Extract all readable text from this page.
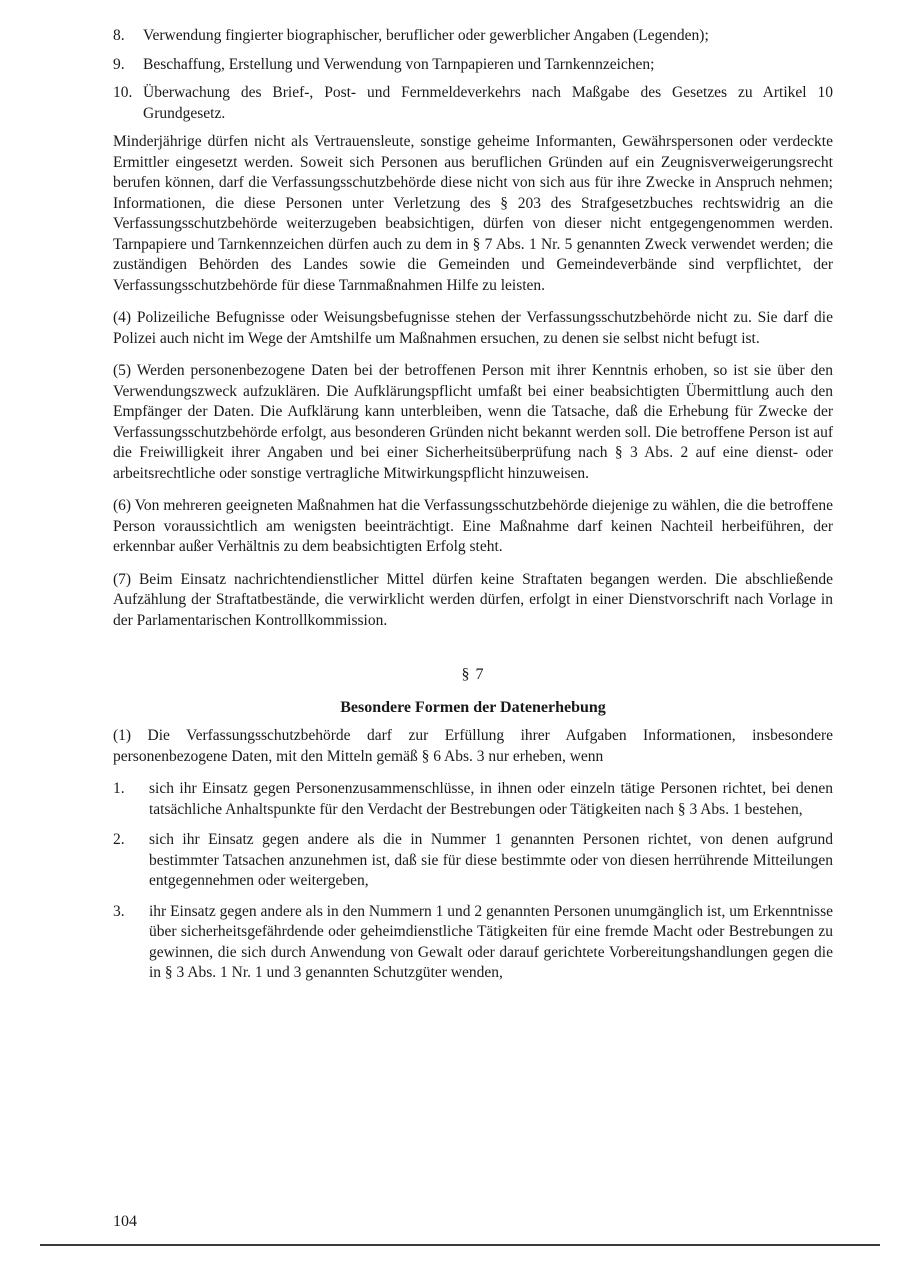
8.	Verwendung fingierter biographischer, beruflicher oder gewerblicher Angaben (Legenden);
9.	Beschaffung, Erstellung und Verwendung von Tarnpapieren und Tarnkennzeichen;
10. Überwachung des Brief-, Post- und Fernmeldeverkehrs nach Maßgabe des Gesetzes zu Artikel 10 Grundgesetz.

Minderjährige dürfen nicht als Vertrauensleute, sonstige geheime Informanten, Gewährspersonen oder verdeckte Ermittler eingesetzt werden. Soweit sich Personen aus beruflichen Gründen auf ein Zeugnisverweigerungsrecht berufen können, darf die Verfassungsschutzbehörde diese nicht von sich aus für ihre Zwecke in Anspruch nehmen; Informationen, die diese Personen unter Verletzung des § 203 des Strafgesetzbuches rechtswidrig an die Verfassungsschutzbehörde weiterzugeben beabsichtigen, dürfen von dieser nicht entgegengenommen werden. Tarnpapiere und Tarnkennzeichen dürfen auch zu dem in § 7 Abs. 1 Nr. 5 genannten Zweck verwendet werden; die zuständigen Behörden des Landes sowie die Gemeinden und Gemeindeverbände sind verpflichtet, der Verfassungsschutzbehörde für diese Tarnmaßnahmen Hilfe zu leisten.

(4) Polizeiliche Befugnisse oder Weisungsbefugnisse stehen der Verfassungsschutzbehörde nicht zu. Sie darf die Polizei auch nicht im Wege der Amtshilfe um Maßnahmen ersuchen, zu denen sie selbst nicht befugt ist.

(5) Werden personenbezogene Daten bei der betroffenen Person mit ihrer Kenntnis erhoben, so ist sie über den Verwendungszweck aufzuklären. Die Aufklärungspflicht umfaßt bei einer beabsichtigten Übermittlung auch den Empfänger der Daten. Die Aufklärung kann unterbleiben, wenn die Tatsache, daß die Erhebung für Zwecke der Verfassungsschutzbehörde erfolgt, aus besonderen Gründen nicht bekannt werden soll. Die betroffene Person ist auf die Freiwilligkeit ihrer Angaben und bei einer Sicherheitsüberprüfung nach § 3 Abs. 2 auf eine dienst- oder arbeitsrechtliche oder sonstige vertragliche Mitwirkungspflicht hinzuweisen.

(6) Von mehreren geeigneten Maßnahmen hat die Verfassungsschutzbehörde diejenige zu wählen, die die betroffene Person voraussichtlich am wenigsten beeinträchtigt. Eine Maßnahme darf keinen Nachteil herbeiführen, der erkennbar außer Verhältnis zu dem beabsichtigten Erfolg steht.

(7) Beim Einsatz nachrichtendienstlicher Mittel dürfen keine Straftaten begangen werden. Die abschließende Aufzählung der Straftatbestände, die verwirklicht werden dürfen, erfolgt in einer Dienstvorschrift nach Vorlage in der Parlamentarischen Kontrollkommission.

§ 7
Besondere Formen der Datenerhebung

(1) Die Verfassungsschutzbehörde darf zur Erfüllung ihrer Aufgaben Informationen, insbesondere personenbezogene Daten, mit den Mitteln gemäß § 6 Abs. 3 nur erheben, wenn

1.	sich ihr Einsatz gegen Personenzusammenschlüsse, in ihnen oder einzeln tätige Personen richtet, bei denen tatsächliche Anhaltspunkte für den Verdacht der Bestrebungen oder Tätigkeiten nach § 3 Abs. 1 bestehen,
2.	sich ihr Einsatz gegen andere als die in Nummer 1 genannten Personen richtet, von denen aufgrund bestimmter Tatsachen anzunehmen ist, daß sie für diese bestimmte oder von diesen herrührende Mitteilungen entgegennehmen oder weitergeben,
3.	ihr Einsatz gegen andere als in den Nummern 1 und 2 genannten Personen unumgänglich ist, um Erkenntnisse über sicherheitsgefährdende oder geheimdienstliche Tätigkeiten für eine fremde Macht oder Bestrebungen zu gewinnen, die sich durch Anwendung von Gewalt oder darauf gerichtete Vorbereitungshandlungen gegen die in § 3 Abs. 1 Nr. 1 und 3 genannten Schutzgüter wenden,
104
